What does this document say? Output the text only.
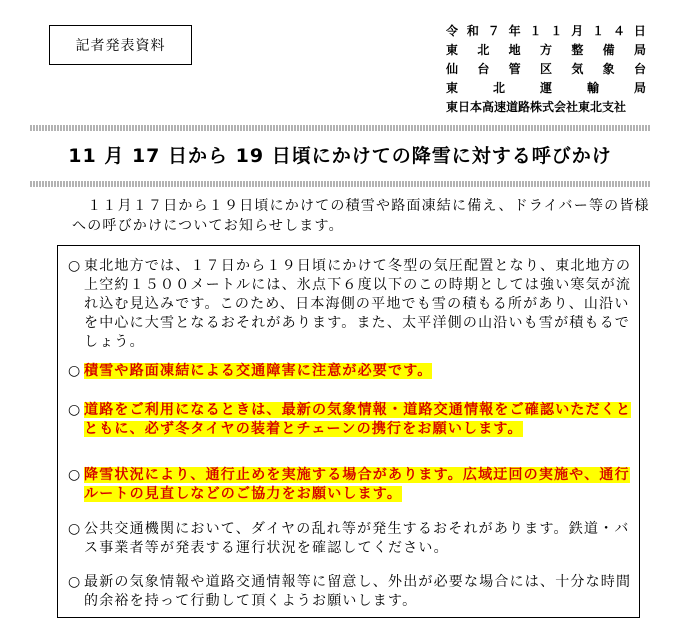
記者発表資料
令 和 ７ 年 １ １ 月 １ ４ 日
東 北 地 方 整 備 局
仙 台 管 区 気 象 台
東	北	運	輸	局
東日本高速道路株式会社東北支社
11 月 17 日から 19 日頃にかけての降雪に対する呼びかけ
　１１月１７日から１９日頃にかけての積雪や路面凍結に備え、ドライバー等の皆様への呼びかけについてお知らせします。
○ 東北地方では、１７日から１９日頃にかけて冬型の気圧配置となり、東北地方の上空約１５００メートルには、氷点下６度以下のこの時期としては強い寒気が流れ込む見込みです。このため、日本海側の平地でも雪の積もる所があり、山沿いを中心に大雪となるおそれがあります。また、太平洋側の山沿いも雪が積もるでしょう。
○ 積雪や路面凍結による交通障害に注意が必要です。
○ 道路をご利用になるときは、最新の気象情報・道路交通情報をご確認いただくとともに、必ず冬タイヤの装着とチェーンの携行をお願いします。
○ 降雪状況により、通行止めを実施する場合があります。広域迂回の実施や、通行ルートの見直しなどのご協力をお願いします。
○ 公共交通機関において、ダイヤの乱れ等が発生するおそれがあります。鉄道・バス事業者等が発表する運行状況を確認してください。
○ 最新の気象情報や道路交通情報等に留意し、外出が必要な場合には、十分な時間的余裕を持って行動して頂くようお願いします。
